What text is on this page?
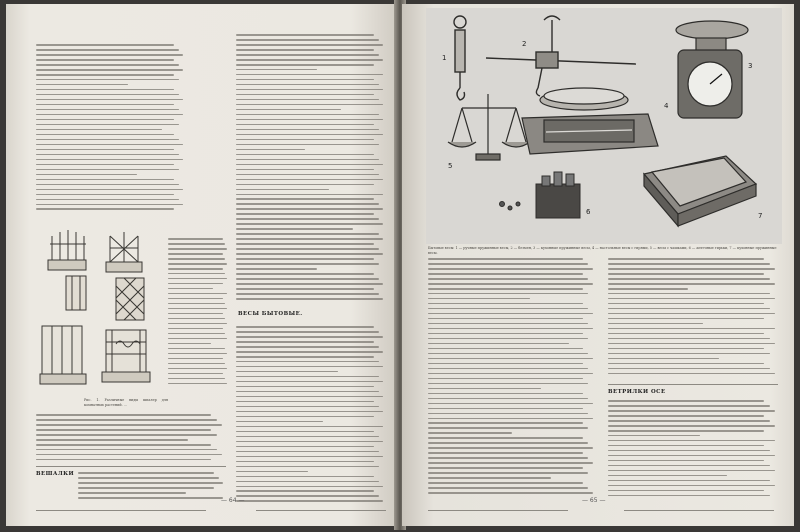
ВЕСЫ БЫТОВЫЕ.
Рис. 1. Различные виды шпалер для комнатных растений. ...
ВЕШАЛКИ
— 64 —
1
2
3
4
5
6	7
Бытовые весы: 1 — ручные пружинные весы, 2 — безмен, 3 — кухонные пружинные весы, 4 — настольные весы с гирями, 5 — весы с чашками, 6 — аптечные гирьки, 7 — кухонные пружинные весы.
ВЕТРИЛКИ ОСЕ
— 65 —
